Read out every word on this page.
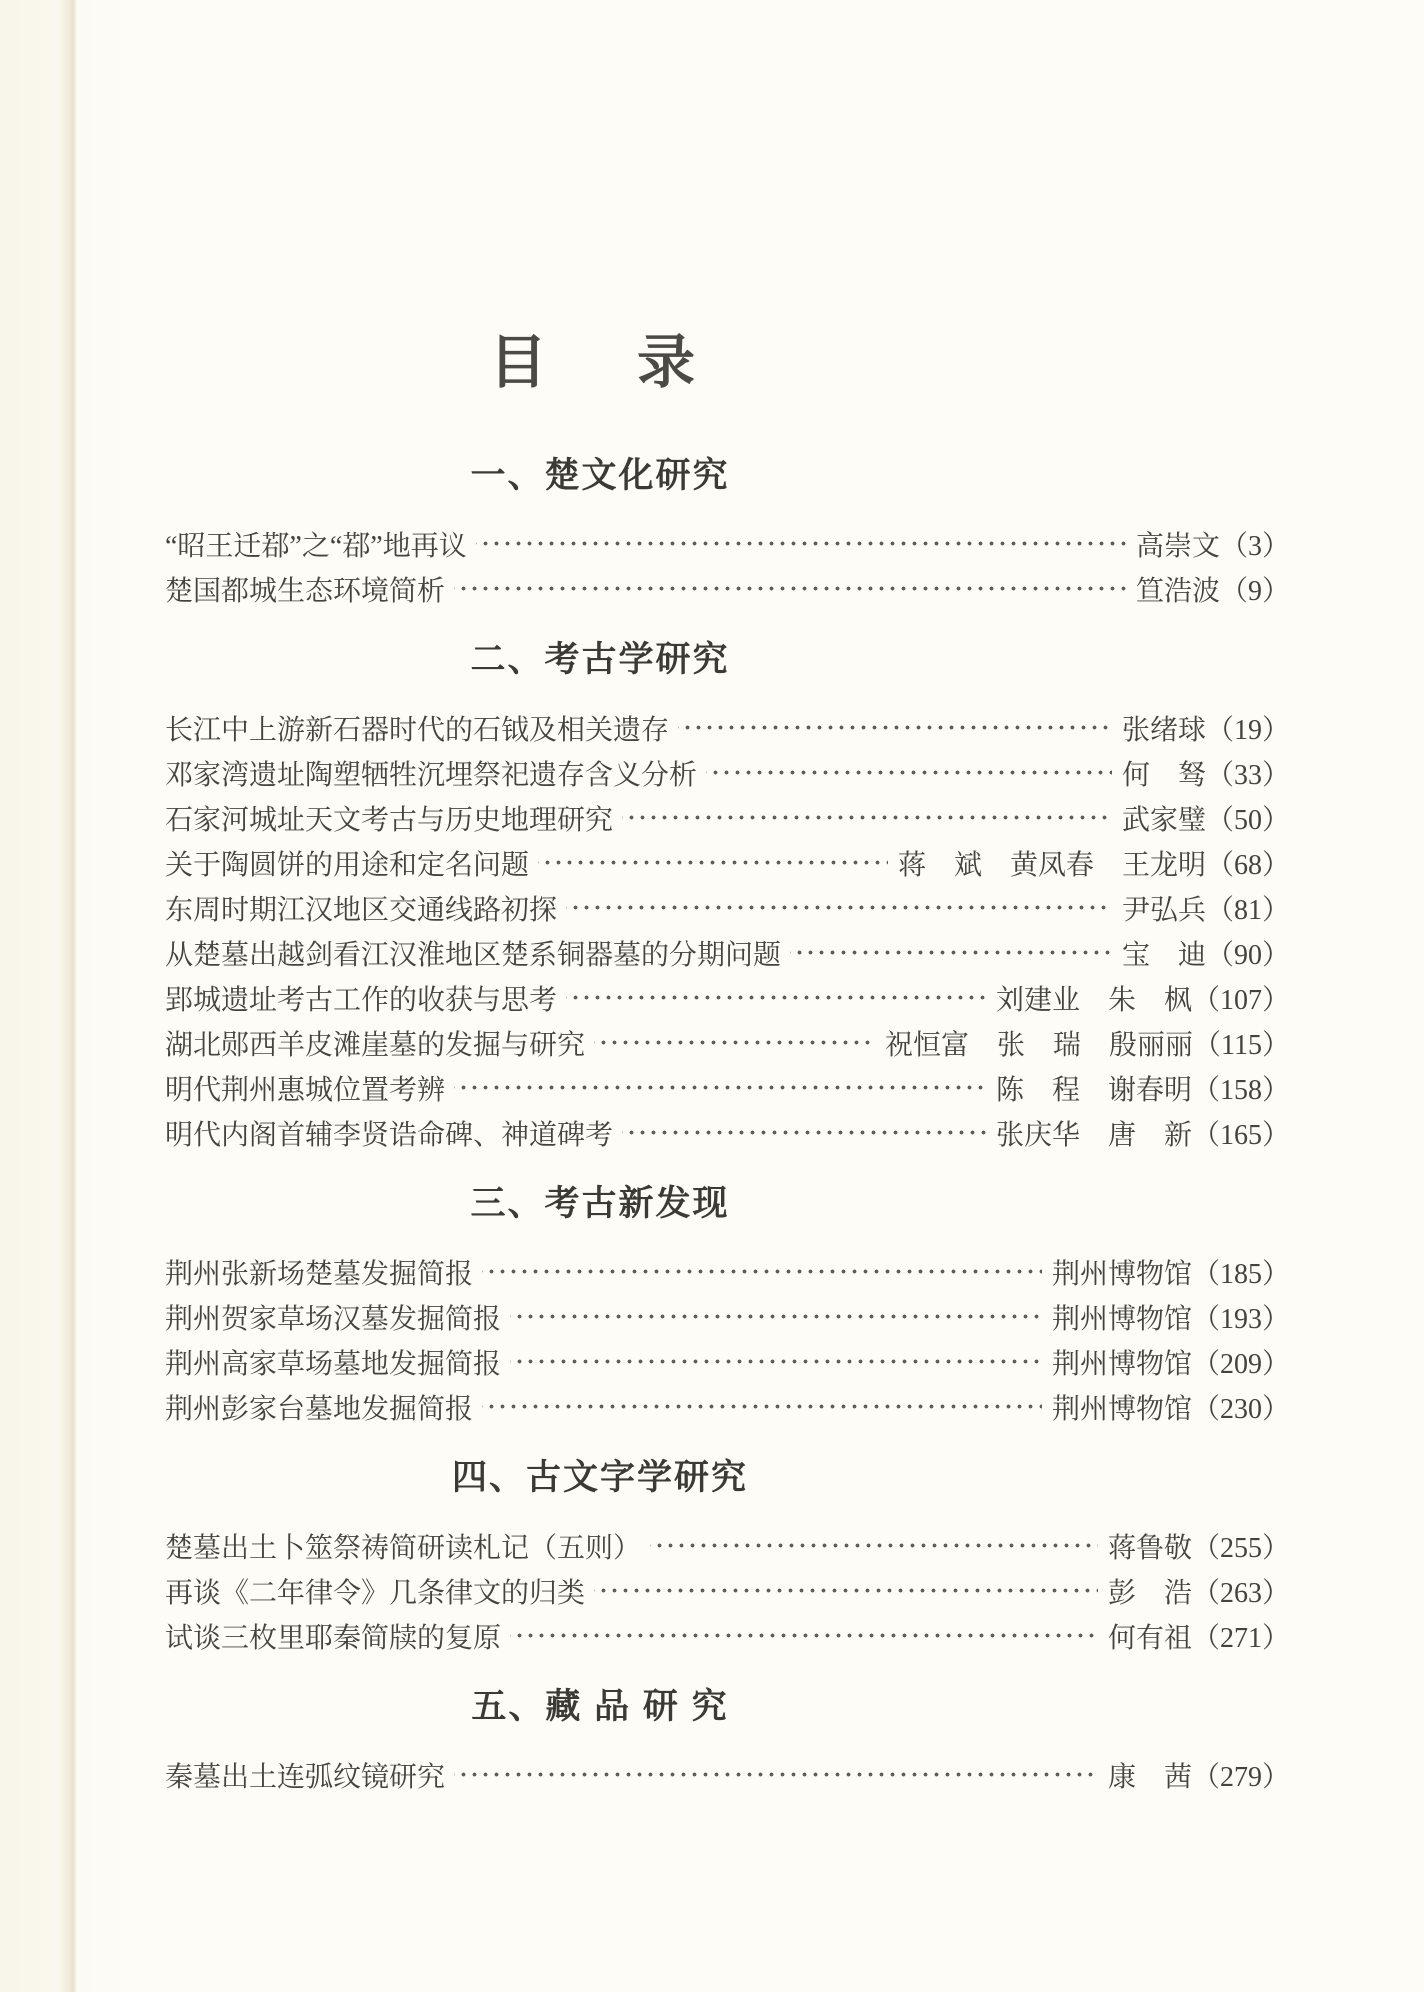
目　录
一、楚文化研究
“昭王迁鄀”之“鄀”地再议	高崇文（3）
楚国都城生态环境简析	笪浩波（9）
二、考古学研究
长江中上游新石器时代的石钺及相关遗存	张绪球（19）
邓家湾遗址陶塑牺牲沉埋祭祀遗存含义分析	何　驽（33）
石家河城址天文考古与历史地理研究	武家璧（50）
关于陶圆饼的用途和定名问题	蒋　斌　黄凤春　王龙明（68）
东周时期江汉地区交通线路初探	尹弘兵（81）
从楚墓出越剑看江汉淮地区楚系铜器墓的分期问题	宝　迪（90）
郢城遗址考古工作的收获与思考	刘建业　朱　枫（107）
湖北郧西羊皮滩崖墓的发掘与研究	祝恒富　张　瑞　殷丽丽（115）
明代荆州惠城位置考辨	陈　程　谢春明（158）
明代内阁首辅李贤诰命碑、神道碑考	张庆华　唐　新（165）
三、考古新发现
荆州张新场楚墓发掘简报	荆州博物馆（185）
荆州贺家草场汉墓发掘简报	荆州博物馆（193）
荆州高家草场墓地发掘简报	荆州博物馆（209）
荆州彭家台墓地发掘简报	荆州博物馆（230）
四、古文字学研究
楚墓出土卜筮祭祷简研读札记（五则）	蒋鲁敬（255）
再谈《二年律令》几条律文的归类	彭　浩（263）
试谈三枚里耶秦简牍的复原	何有祖（271）
五、藏 品 研 究
秦墓出土连弧纹镜研究	康　茜（279）
